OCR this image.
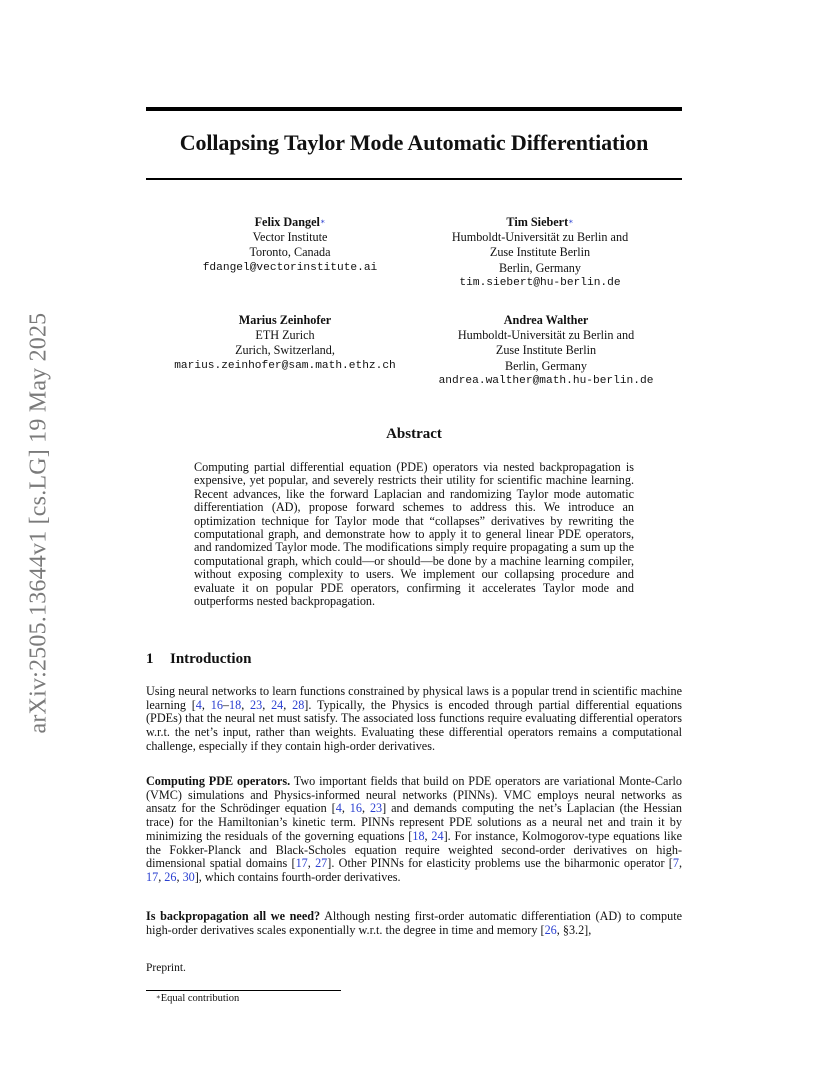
arXiv:2505.13644v1 [cs.LG] 19 May 2025
Collapsing Taylor Mode Automatic Differentiation
Felix Dangel∗
Vector Institute
Toronto, Canada
fdangel@vectorinstitute.ai
Tim Siebert∗
Humboldt-Universität zu Berlin and
Zuse Institute Berlin
Berlin, Germany
tim.siebert@hu-berlin.de
Marius Zeinhofer
ETH Zurich
Zurich, Switzerland,
marius.zeinhofer@sam.math.ethz.ch
Andrea Walther
Humboldt-Universität zu Berlin and
Zuse Institute Berlin
Berlin, Germany
andrea.walther@math.hu-berlin.de
Abstract
Computing partial differential equation (PDE) operators via nested backpropagation is expensive, yet popular, and severely restricts their utility for scientific machine learning. Recent advances, like the forward Laplacian and randomizing Taylor mode automatic differentiation (AD), propose forward schemes to address this. We introduce an optimization technique for Taylor mode that “collapses” derivatives by rewriting the computational graph, and demonstrate how to apply it to general linear PDE operators, and randomized Taylor mode. The modifications simply require propagating a sum up the computational graph, which could—or should—be done by a machine learning compiler, without exposing complexity to users. We implement our collapsing procedure and evaluate it on popular PDE operators, confirming it accelerates Taylor mode and outperforms nested backpropagation.
1 Introduction
Using neural networks to learn functions constrained by physical laws is a popular trend in scientific machine learning [4, 16–18, 23, 24, 28]. Typically, the Physics is encoded through partial differential equations (PDEs) that the neural net must satisfy. The associated loss functions require evaluating differential operators w.r.t. the net’s input, rather than weights. Evaluating these differential operators remains a computational challenge, especially if they contain high-order derivatives.
Computing PDE operators. Two important fields that build on PDE operators are variational Monte-Carlo (VMC) simulations and Physics-informed neural networks (PINNs). VMC employs neural networks as ansatz for the Schrödinger equation [4, 16, 23] and demands computing the net’s Laplacian (the Hessian trace) for the Hamiltonian’s kinetic term. PINNs represent PDE solutions as a neural net and train it by minimizing the residuals of the governing equations [18, 24]. For instance, Kolmogorov-type equations like the Fokker-Planck and Black-Scholes equation require weighted second-order derivatives on high-dimensional spatial domains [17, 27]. Other PINNs for elasticity problems use the biharmonic operator [7, 17, 26, 30], which contains fourth-order derivatives.
Is backpropagation all we need? Although nesting first-order automatic differentiation (AD) to compute high-order derivatives scales exponentially w.r.t. the degree in time and memory [26, §3.2],
Preprint.
∗Equal contribution
